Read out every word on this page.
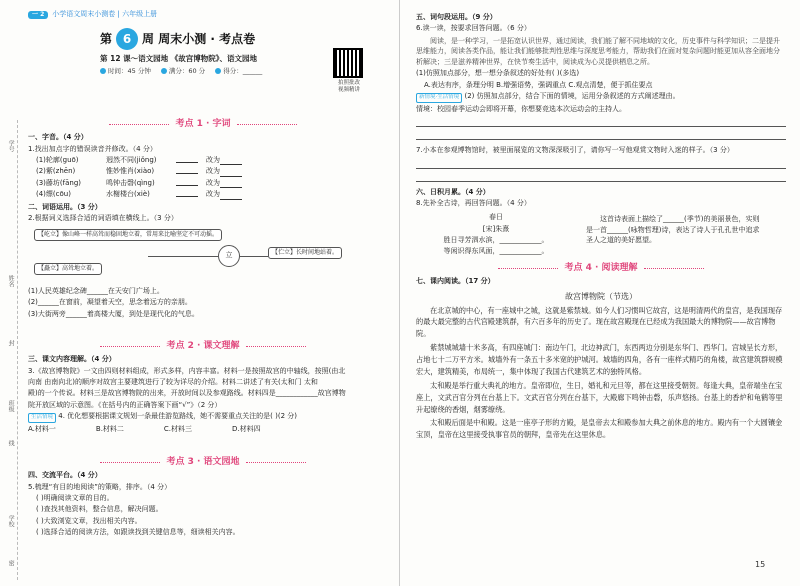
一 2	小学语文周末小测卷 | 六年级上册
第 6 周 周末小测 · 考点卷
第 12 课～语文园地 《故宫博物院》、语文园地
时间：45 分钟	满分：60 分	得分：______
拍照批改
视频精讲
学号
姓名
封
班级
线
学校
密
考点 1 · 字词
一、字音。（4 分）
1.找出加点字的错误读音并修改。（4 分）
(1)轮廓(guō)	迥然不同(jiǒng)	改为
(2)紫(zhēn)	惟妙惟肖(xiào)	改为
(3)藤坊(fāng)	鸣钟击磬(qìng)	改为
(4)缥(cōu)	水榭楼台(xiè)	改为
二、词语运用。（3 分）
2.根据词义选择合适的词语填在横线上。（3 分）
【屹立】像山峰一样高耸而稳固地立着，常用来比喻坚定不可动摇。
【矗立】高耸地立着。
【伫立】长时间地站着。
立
(1)人民英雄纪念碑______在天安门广场上。
(2)______在窗前，凝望着天空，思念着远方的亲朋。
(3)大街两旁______着高楼大厦，到处是现代化的气息。
考点 2 · 课文理解
三、课文内容理解。（4 分）
3.《故宫博物院》一文由四则材料组成，形式多样，内容丰富。材料一是按照故宫的中轴线，按照(由北
向南 由南向北)的顺序对故宫主要建筑进行了较为详尽的介绍。材料二讲述了有关(太和门 太和
殿)的一个传说。材料三是故宫博物院的出来，开放时间以及参观路线。材料四是____________故宫博物
院开放区域的示意图。《在括号内的正确答案下画“√”》（2 分）
生活情境 4. 优化想要根据课文规划一条最佳游览路线，她不需要重点关注的是( )(2 分)
A.材料一	B.材料二	C.材料三	D.材料四
考点 3 · 语文园地
四、交流平台。（4 分）
5.梳理“有目的地阅读”的策略，排序。（4 分）
( )明确阅读文章的目的。
( )查找其他资料，整合信息，解决问题。
( )大致浏览文章，找出相关内容。
( )选择合适的阅读方法，如跟读找到关键信息等，细读相关内容。
五、词句段运用。（9 分）
6.读一读，按要求回答问题。（6 分）
阅读，是一种学习，一是拓宽认识世界，通过阅读，我们能了解不同地域的文化，历史事件与科学知识；二是提升思维能力，阅读各类作品，能让我们能够批判性思维与深度思考能力，帮助我们在面对复杂问题时能更加从容全面地分析解决；三是滋养精神世界，在快节奏生活中，阅读成为心灵提供栖息之所。
(1)仿照加点部分，想一想分条叙述的好处有( )(多选)
A.表达有序，条理分明 B.增强语势，强调重点 C.观点清楚，便于抓住要点
新情境·生活情境 (2) 仿照加点部分，结合下面的情境，运用分条叙述的方式阐述理由。
情境：校园春季运动会即将开幕，你想要竞选本次运动会的主持人。
7.小本在参观博物馆时，被里面展览的文物深深吸引了，请你写一写他观赏文物时入迷的样子。（3 分）
六、日积月累。（4 分）
8.先补全古诗，再回答问题。（4 分）
春日
[宋]朱熹
胜日寻芳泗水滨，____________。
等闲识得东风面，____________。
这首诗表面上描绘了______(季节)的美丽景色，实则是一首______(咏物哲理)诗，表达了诗人于孔孔世中追求圣人之道的美好愿望。
考点 4 · 阅读理解
七、课内阅读。（17 分）
故宫博物院（节选）

在北京城的中心，有一座城中之城，这就是紫禁城。如今人们习惯叫它故宫，这是明清两代的皇宫，是我国现存的最大最完整的古代宫殿建筑群，有六百多年的历史了。现在故宫殿现在已经成为我国最大的博物院——故宫博物院。

紫禁城城墙十米多高，有四座城门：南边午门，北边神武门，东西两边分别是东华门、西华门。宫城呈长方形，占地七十二万平方米。城墙外有一条五十多米宽的护城河。城墙的四角，各有一座样式精巧的角楼，故宫建筑群规模宏大，建筑精美，布局统一，集中体现了我国古代建筑艺术的独特风格。

太和殿是举行重大典礼的地方。皇帝即位，生日，婚礼和元旦等，都在这里接受朝贺。每逢大典，皇帝端坐在宝座上，文武百官分列在台基上下。文武百官分列在台基下，大殿廊下鸣钟击磬，乐声悠扬。台基上的香炉和龟鹤等里升起缭绕的香烟，烟雾缭绕。

太和殿后面是中和殿。这是一座亭子形的方殿，是皇帝去太和殿参加大典之前休息的地方。殿内有一个大圆镶金宝顶，皇帝在这里接受执事官员的朝拜，皇帝先在这里休息。

15
